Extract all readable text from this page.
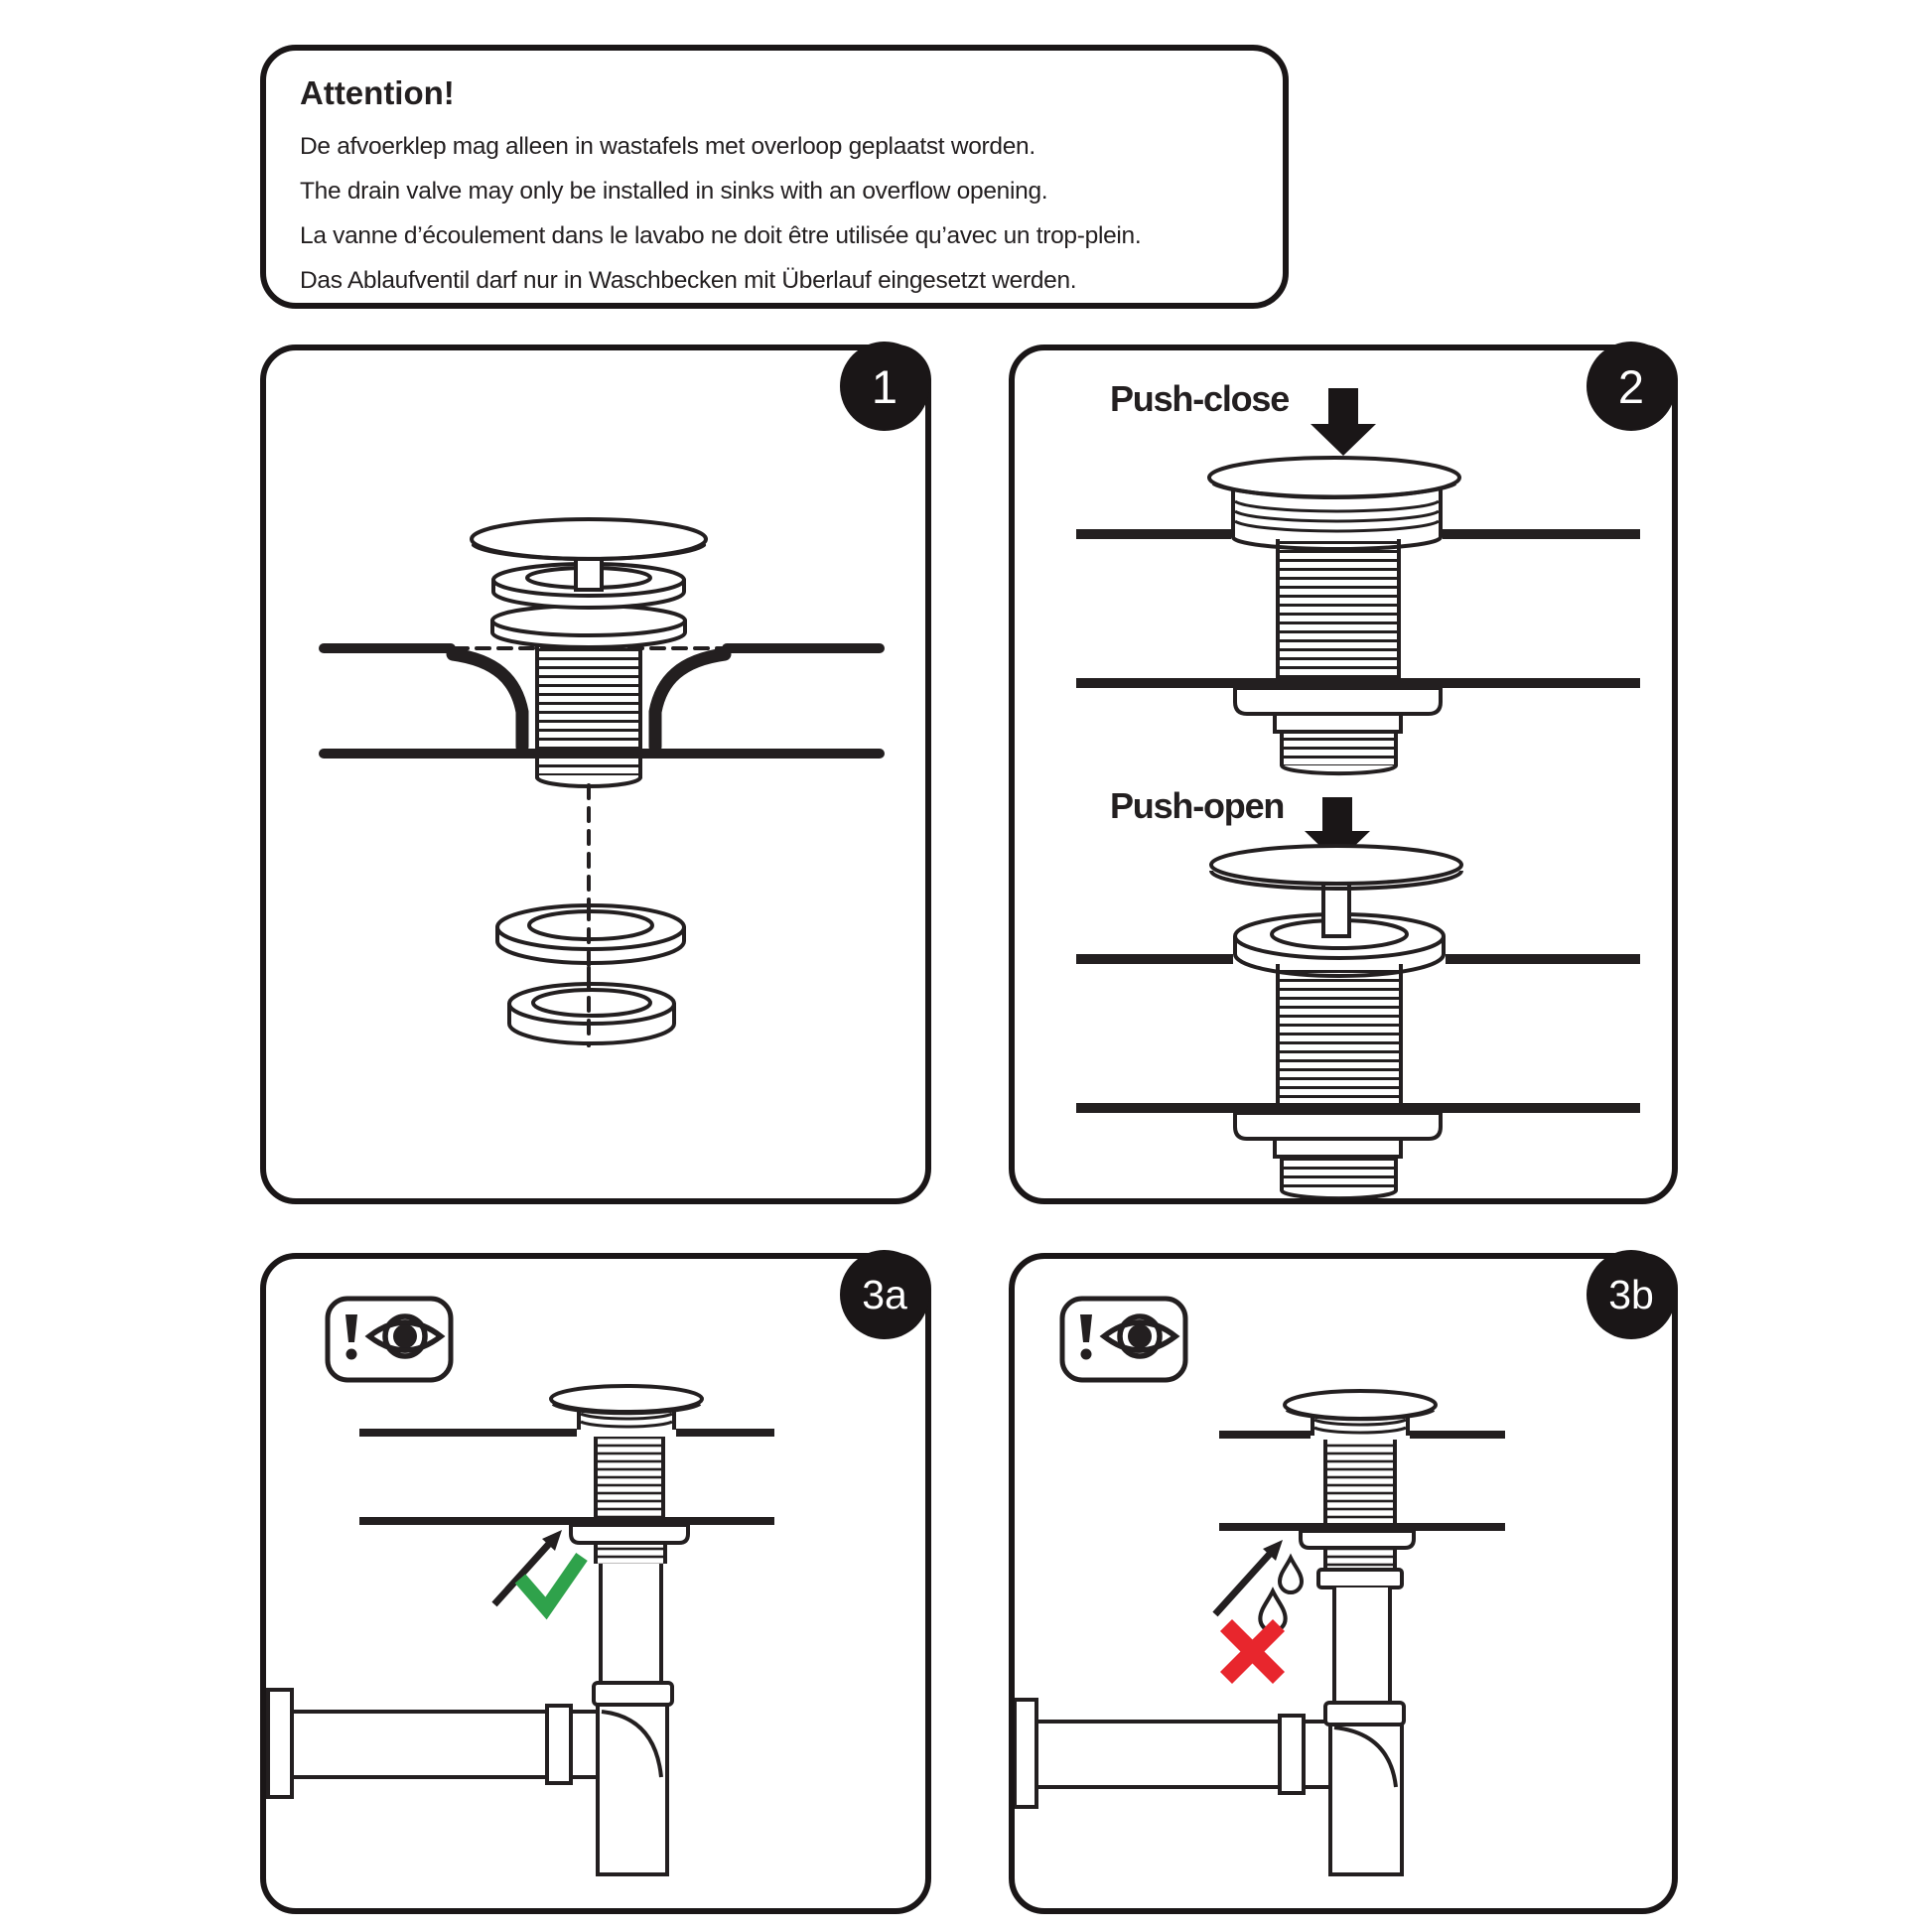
Attention!

De afvoerklep mag alleen in wastafels met overloop geplaatst worden.

The drain valve may only be installed in sinks with an overflow opening.

La vanne d’écoulement dans le lavabo ne doit être utilisée qu’avec un trop-plein.

Das Ablaufventil darf nur in Waschbecken mit Überlauf eingesetzt werden.

1	2
Push-close
Push-open
3a	3b
